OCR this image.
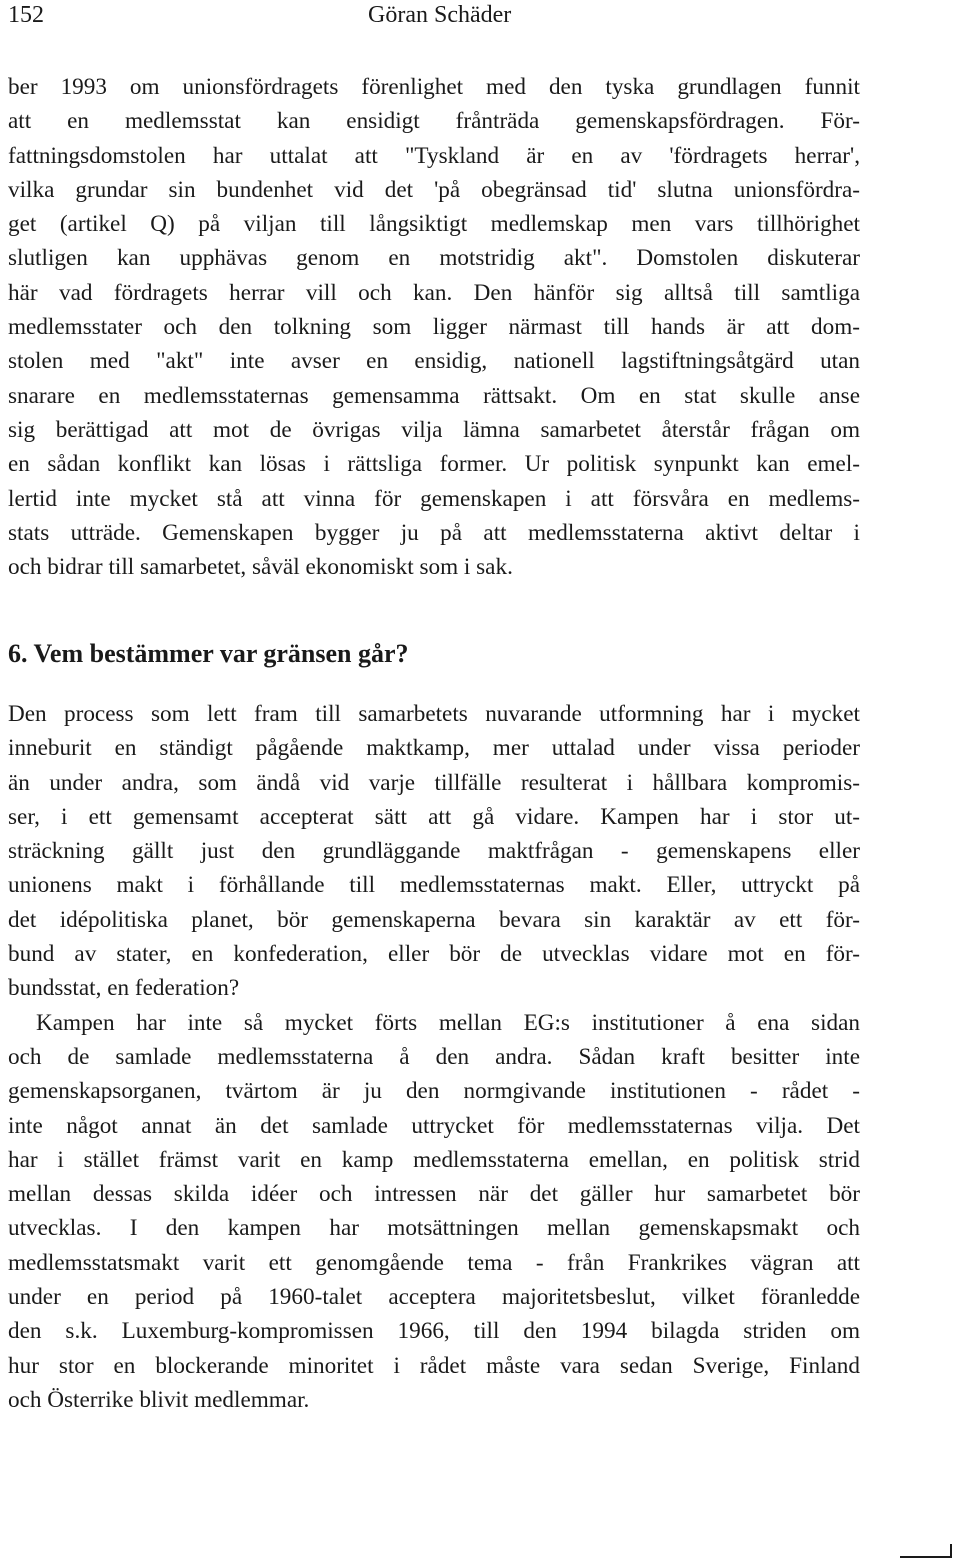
152	Göran Schäder
ber 1993 om unionsfördragets förenlighet med den tyska grundlagen funnit
att en medlemsstat kan ensidigt frånträda gemenskapsfördragen. För-
fattningsdomstolen har uttalat att "Tyskland är en av 'fördragets herrar',
vilka grundar sin bundenhet vid det 'på obegränsad tid' slutna unionsfördra-
get (artikel Q) på viljan till långsiktigt medlemskap men vars tillhörighet
slutligen kan upphävas genom en motstridig akt". Domstolen diskuterar
här vad fördragets herrar vill och kan. Den hänför sig alltså till samtliga
medlemsstater och den tolkning som ligger närmast till hands är att dom-
stolen med "akt" inte avser en ensidig, nationell lagstiftningsåtgärd utan
snarare en medlemsstaternas gemensamma rättsakt. Om en stat skulle anse
sig berättigad att mot de övrigas vilja lämna samarbetet återstår frågan om
en sådan konflikt kan lösas i rättsliga former. Ur politisk synpunkt kan emel-
lertid inte mycket stå att vinna för gemenskapen i att försvåra en medlems-
stats utträde. Gemenskapen bygger ju på att medlemsstaterna aktivt deltar i
och bidrar till samarbetet, såväl ekonomiskt som i sak.
6. Vem bestämmer var gränsen går?
Den process som lett fram till samarbetets nuvarande utformning har i mycket
inneburit en ständigt pågående maktkamp, mer uttalad under vissa perioder
än under andra, som ändå vid varje tillfälle resulterat i hållbara kompromis-
ser, i ett gemensamt accepterat sätt att gå vidare. Kampen har i stor ut-
sträckning gällt just den grundläggande maktfrågan - gemenskapens eller
unionens makt i förhållande till medlemsstaternas makt. Eller, uttryckt på
det idépolitiska planet, bör gemenskaperna bevara sin karaktär av ett för-
bund av stater, en konfederation, eller bör de utvecklas vidare mot en för-
bundsstat, en federation?
Kampen har inte så mycket förts mellan EG:s institutioner å ena sidan
och de samlade medlemsstaterna å den andra. Sådan kraft besitter inte
gemenskapsorganen, tvärtom är ju den normgivande institutionen - rådet -
inte något annat än det samlade uttrycket för medlemsstaternas vilja. Det
har i stället främst varit en kamp medlemsstaterna emellan, en politisk strid
mellan dessas skilda idéer och intressen när det gäller hur samarbetet bör
utvecklas. I den kampen har motsättningen mellan gemenskapsmakt och
medlemsstatsmakt varit ett genomgående tema - från Frankrikes vägran att
under en period på 1960-talet acceptera majoritetsbeslut, vilket föranledde
den s.k. Luxemburg-kompromissen 1966, till den 1994 bilagda striden om
hur stor en blockerande minoritet i rådet måste vara sedan Sverige, Finland
och Österrike blivit medlemmar.
